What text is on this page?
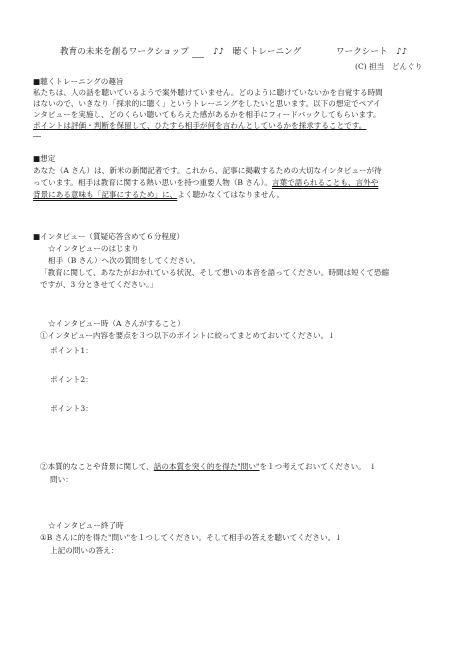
教育の未来を創るワークショップ	♪♪　聴くトレーニング	ワークシート　♪♪
(C) 担当　どんぐり
■聴くトレーニングの趣旨
私たちは、人の話を聴いているようで案外聴けていません。どのように聴けていないかを自覚する時間
はないので、いきなり「採求的に聴く」というトレーニングをしたいと思います。以下の想定でペアイ
ンタビューを実施し、どのくらい聴いてもらえた感があるかを相手にフィードバックしてもらいます。
ポイントは評価・判断を保留して、ひたすら相手が何を言わんとしているかを採求することです。
■想定
あなた（A さん）は、新米の新聞記者です。これから、記事に掲載するための大切なインタビューが待
っています。相手は教育に関する熱い思いを持つ重要人物（B さん）。言葉で語られることも、言外や
背景にある意味も「記事にするため」に、よく聴かなくてはなりません。
■インタビュー（質疑応答含めて６分程度）
☆インタビューのはじまり
相手（B さん）へ次の質問をしてください。
「教育に関して、あなたがおかれている状況、そして想いの本音を語ってください。時間は短くて恐縮
ですが、3 分ときせてください。」
☆インタビュー時（A さんがすること）
①インタビュー内容を要点を３つ以下のポイントに絞ってまとめておいてください。↓
ポイント1：
ポイント2：
ポイント3：
②本質的なことや背景に関して、話の本質を突く的を得た"問い"を１つ考えておいてください。　↓
問い：
☆インタビュー終了時
①B さんに的を得た"問い"を１つしてください。そして相手の答えを聴いてください。↓
上記の問いの答え：
